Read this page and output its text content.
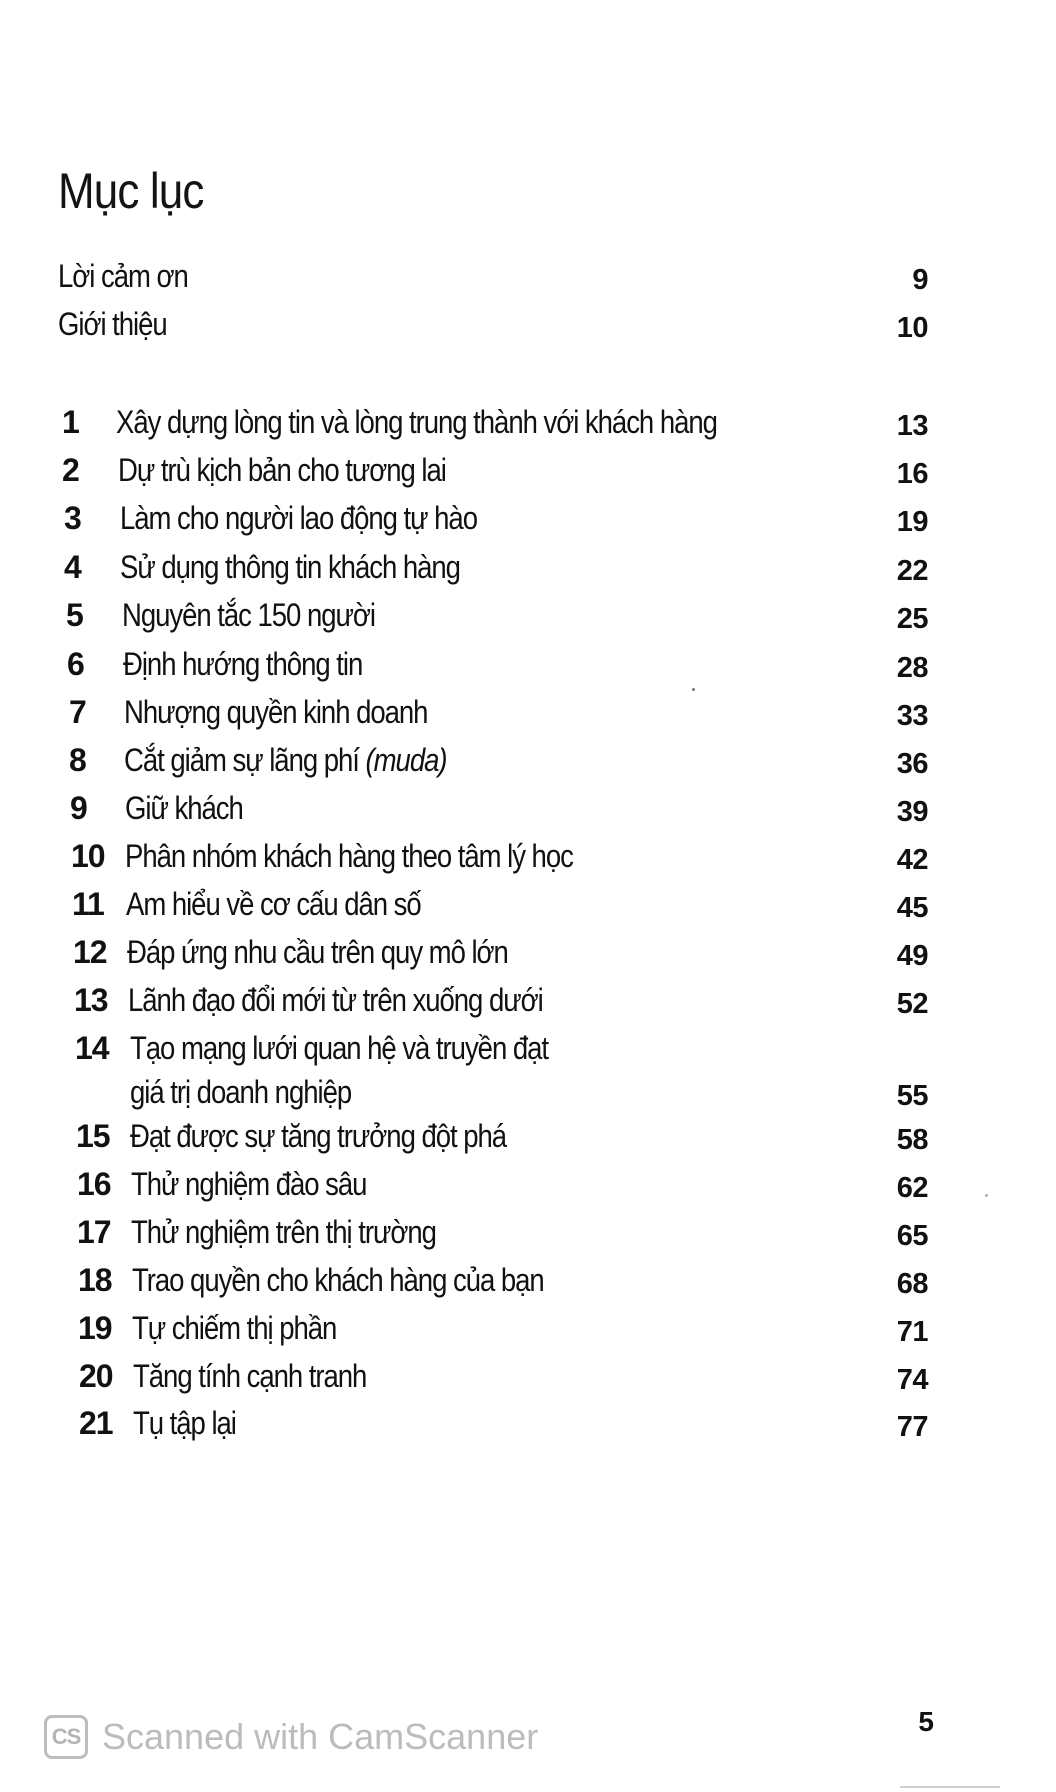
Mục lục
Lời cảm ơn	9
Giới thiệu	10
1	Xây dựng lòng tin và lòng trung thành với khách hàng	13
2	Dự trù kịch bản cho tương lai	16
3	Làm cho người lao động tự hào	19
4	Sử dụng thông tin khách hàng	22
5	Nguyên tắc 150 người	25
6	Định hướng thông tin	28
7	Nhượng quyền kinh doanh	33
8	Cắt giảm sự lãng phí (muda)	36
9	Giữ khách	39
10 Phân nhóm khách hàng theo tâm lý học	42
11 Am hiểu về cơ cấu dân số	45
12 Đáp ứng nhu cầu trên quy mô lớn	49
13 Lãnh đạo đổi mới từ trên xuống dưới	52
14 Tạo mạng lưới quan hệ và truyền đạt
giá trị doanh nghiệp	55
15 Đạt được sự tăng trưởng đột phá	58
16 Thử nghiệm đào sâu	62
17 Thử nghiệm trên thị trường	65
18 Trao quyền cho khách hàng của bạn	68
19 Tự chiếm thị phần	71
20 Tăng tính cạnh tranh	74
21 Tụ tập lại	77
5
CS Scanned with CamScanner
